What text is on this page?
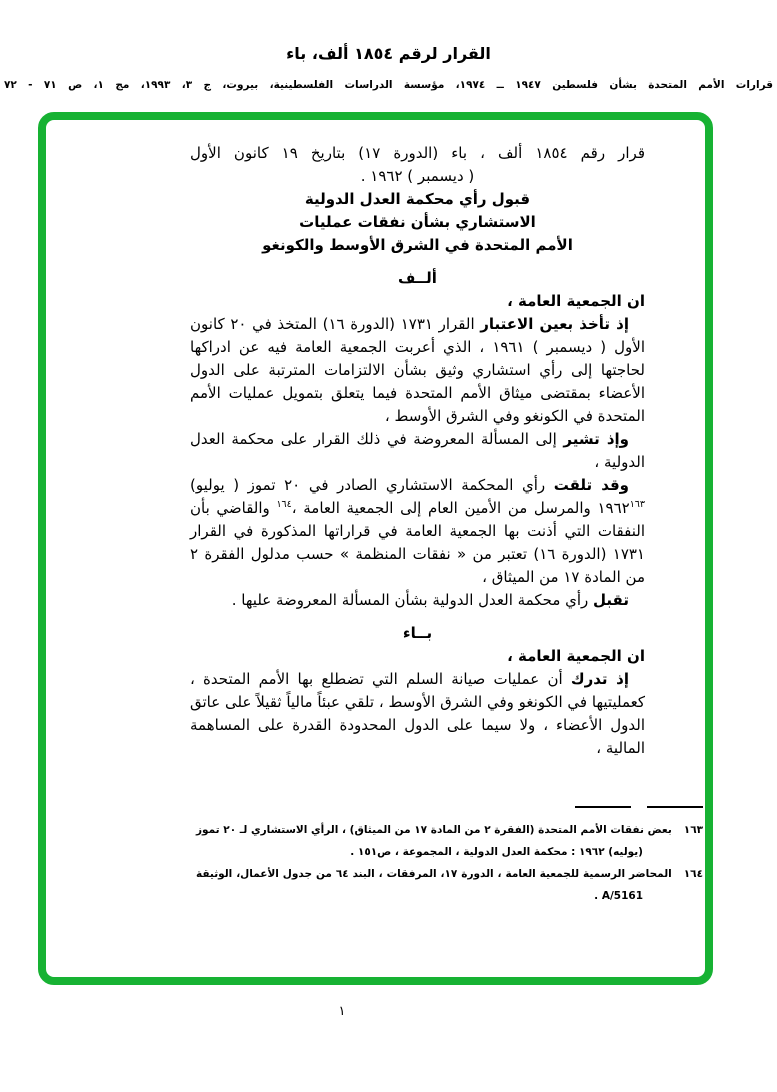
القرار لرقم ١٨٥٤ ألف، باء
قرارات الأمم المتحدة بشأن فلسطين ١٩٤٧ ــ ١٩٧٤، مؤسسة الدراسات الفلسطينية، بيروت، ج ٣، ١٩٩٣، مج ١، ص ٧١ - ٧٢

قرار رقم ١٨٥٤ ألف ، باء (الدورة ١٧) بتاريخ ١٩ كانون الأول

( ديسمبر ) ١٩٦٢ .

قبول رأي محكمة العدل الدولية

الاستشاري بشأن نفقات عمليات

الأمم المتحدة في الشرق الأوسط والكونغو

ألــف

ان الجمعية العامة ،

إذ تأخذ بعين الاعتبار القرار ١٧٣١ (الدورة ١٦) المتخذ في ٢٠ كانون الأول ( ديسمبر ) ١٩٦١ ، الذي أعربت الجمعية العامة فيه عن ادراكها لحاجتها إلى رأي استشاري وثيق بشأن الالتزامات المترتبة على الدول الأعضاء بمقتضى ميثاق الأمم المتحدة فيما يتعلق بتمويل عمليات الأمم المتحدة في الكونغو وفي الشرق الأوسط ،

وإذ تشير إلى المسألة المعروضة في ذلك القرار على محكمة العدل الدولية ،

وقد تلقت رأي المحكمة الاستشاري الصادر في ٢٠ تموز ( يوليو) ١٩٦٢$^{١٦٣}$ والمرسل من الأمين العام إلى الجمعية العامة ،$^{١٦٤}$ والقاضي بأن النفقات التي أذنت بها الجمعية العامة في قراراتها المذكورة في القرار ١٧٣١ (الدورة ١٦) تعتبر من « نفقات المنظمة » حسب مدلول الفقرة ٢ من المادة ١٧ من الميثاق ،

تقبل رأي محكمة العدل الدولية بشأن المسألة المعروضة عليها .

بــاء

ان الجمعية العامة ،

إذ تدرك أن عمليات صيانة السلم التي تضطلع بها الأمم المتحدة ، كعمليتيها في الكونغو وفي الشرق الأوسط ، تلقي عبئاً مالياً ثقيلاً على عاتق الدول الأعضاء ، ولا سيما على الدول المحدودة القدرة على المساهمة المالية ،

١٦٣بعض نفقات الأمم المتحدة (الفقرة ٢ من المادة ١٧ من الميثاق) ، الرأي الاستشاري لـ ٢٠ تموز (يوليه) ١٩٦٢ : محكمة العدل الدولية ، المجموعة ، ص١٥١ .
١٦٤المحاضر الرسمية للجمعية العامة ، الدورة ١٧، المرفقات ، البند ٦٤ من جدول الأعمال، الوثيقة A/5161 .
١
